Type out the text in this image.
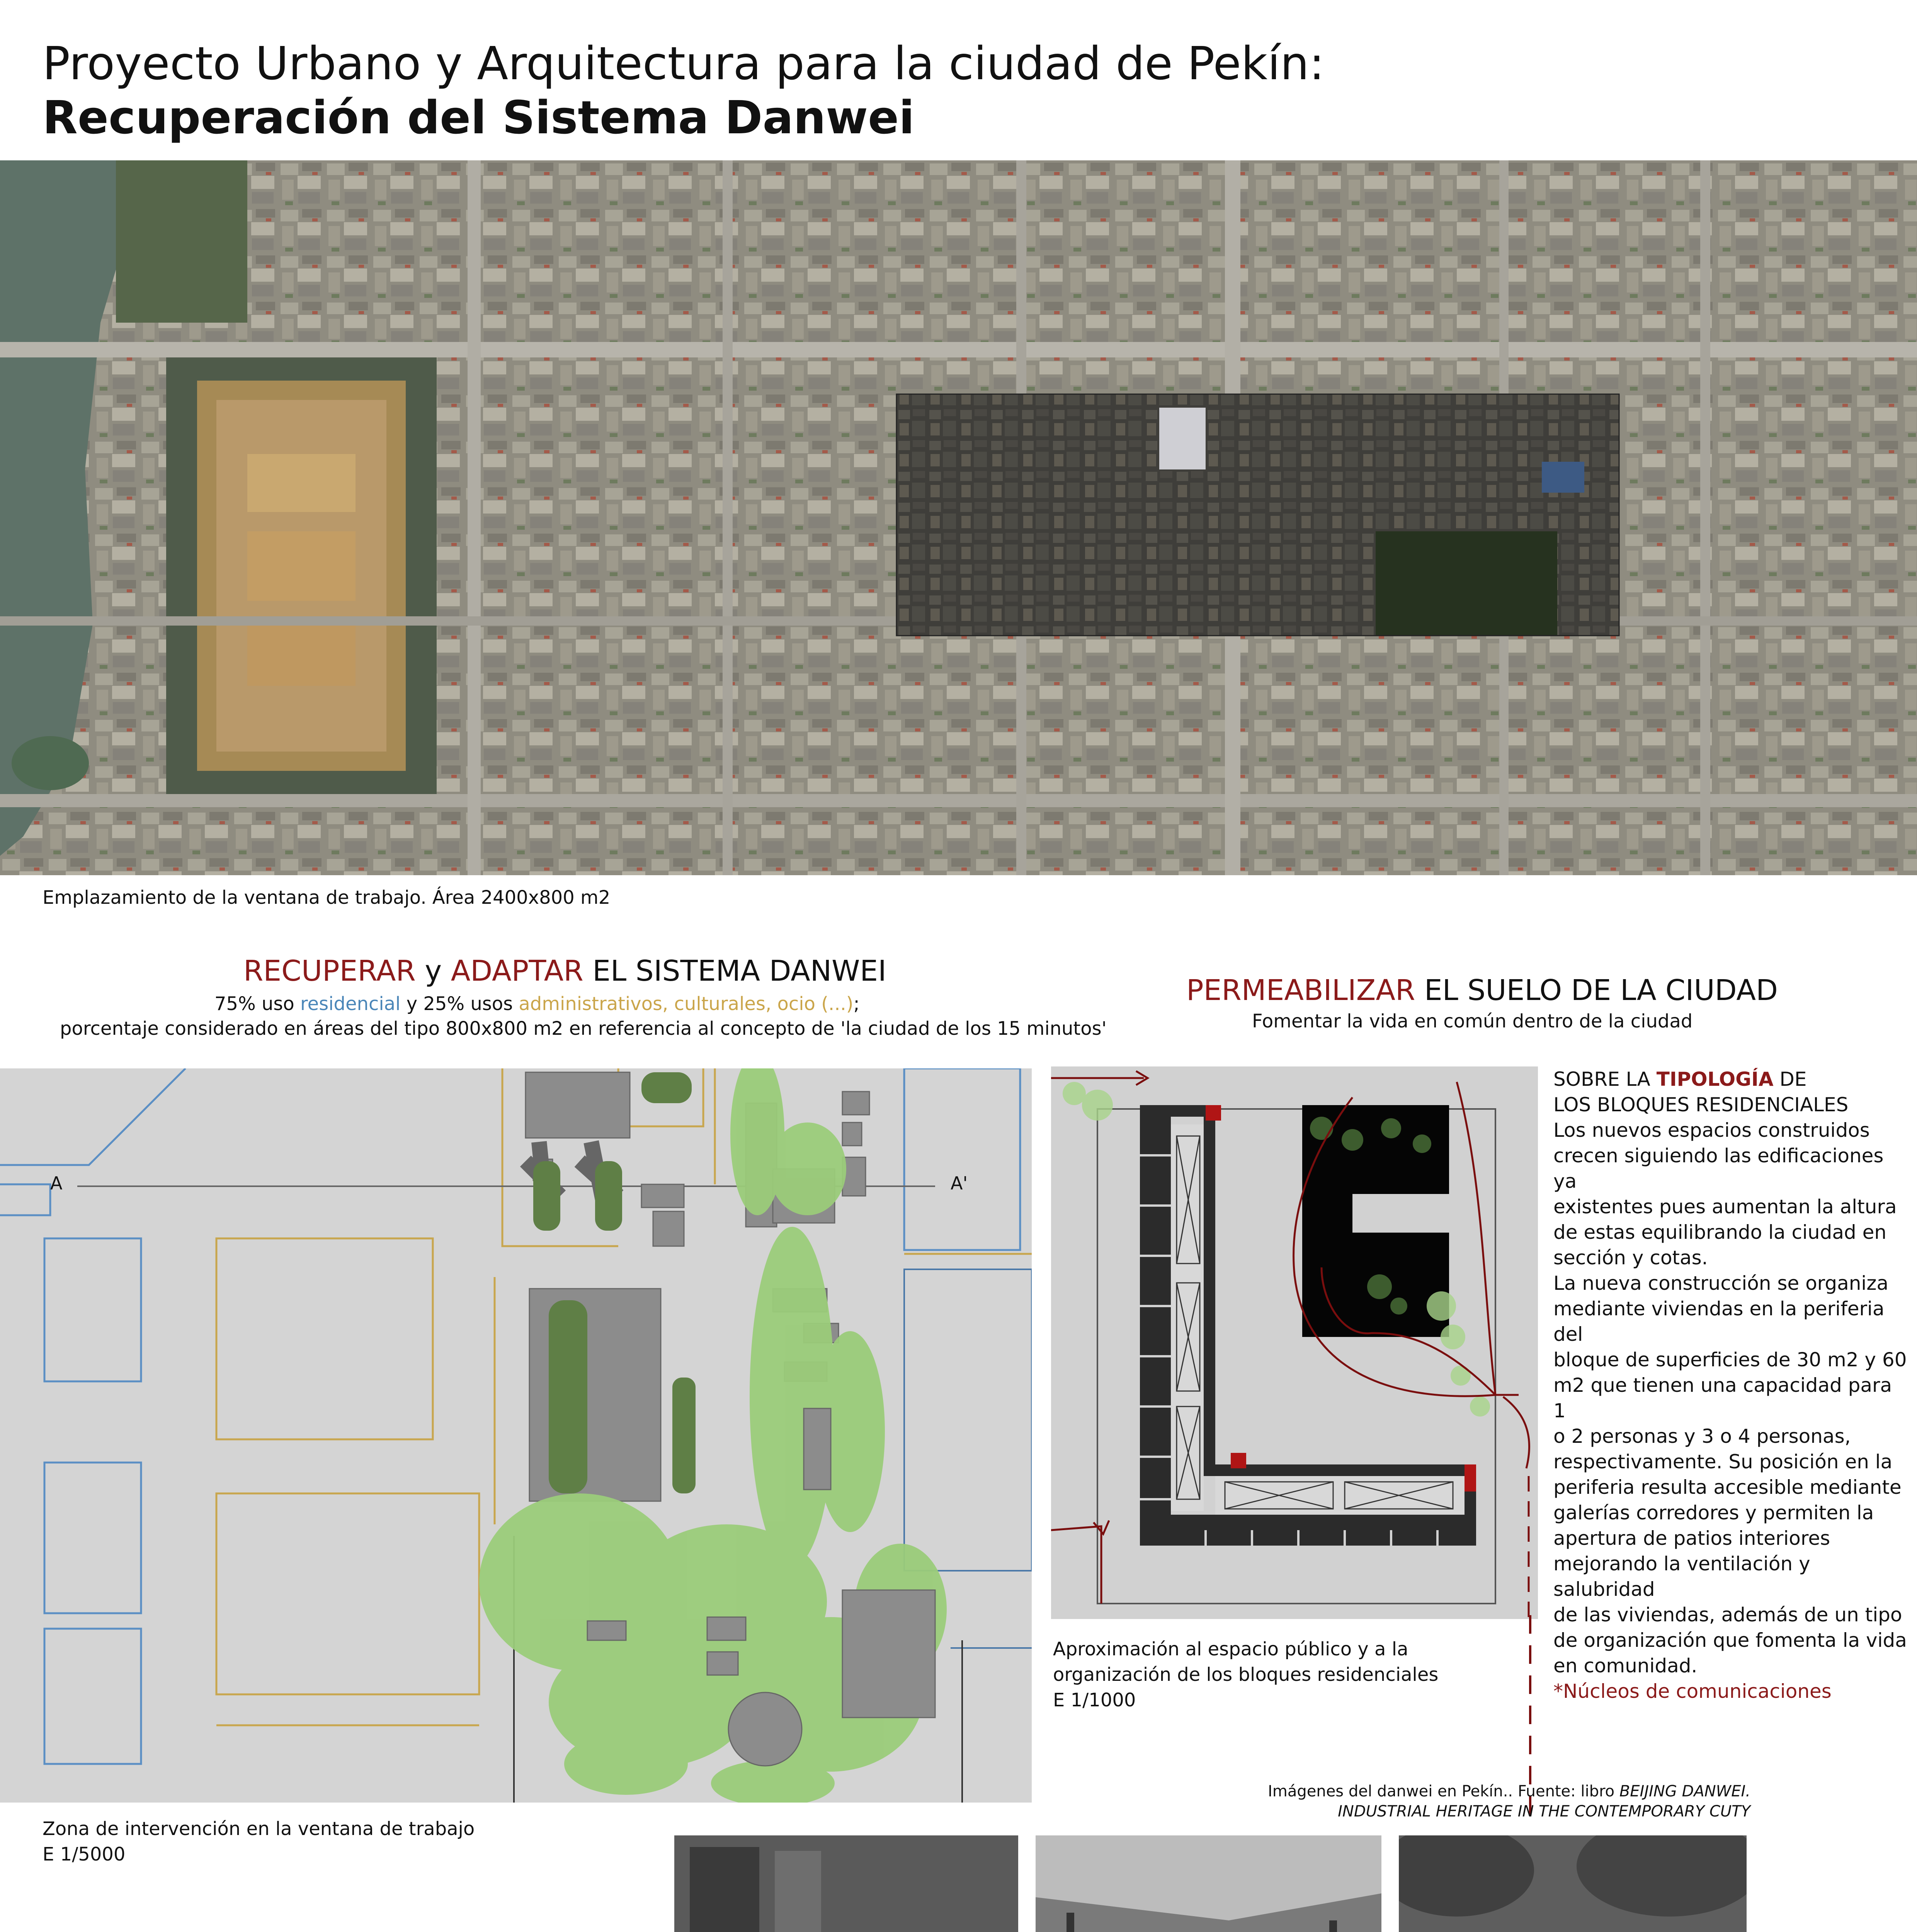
Proyecto Urbano y Arquitectura para la ciudad de Pekín:
Recuperación del Sistema Danwei
Emplazamiento de la ventana de trabajo. Área 2400x800 m2
RECUPERAR y ADAPTAR EL SISTEMA DANWEI
75% uso residencial y 25% usos administrativos, culturales, ocio (...);
porcentaje considerado en áreas del tipo 800x800 m2 en referencia al concepto de 'la ciudad de los 15 minutos'
A	A'
Zona de intervención en la ventana de trabajo
E 1/5000
PERMEABILIZAR EL SUELO DE LA CIUDAD
Fomentar la vida en común dentro de la ciudad
Aproximación al espacio público y a la
organización de los bloques residenciales
E 1/1000
SOBRE LA TIPOLOGÍA DE
LOS BLOQUES RESIDENCIALES
Los nuevos espacios construidos
crecen siguiendo las edificaciones ya
existentes pues aumentan la altura
de estas equilibrando la ciudad en
sección y cotas.
La nueva construcción se organiza
mediante viviendas en la periferia del
bloque de superficies de 30 m2 y 60
m2 que tienen una capacidad para 1
o 2 personas y 3 o 4 personas,
respectivamente. Su posición en la
periferia resulta accesible mediante
galerías corredores y permiten la
apertura de patios interiores
mejorando la ventilación y salubridad
de las viviendas, además de un tipo
de organización que fomenta la vida
en comunidad.
*Núcleos de comunicaciones
Imágenes del danwei en Pekín.. Fuente: libro BEIJING DANWEI.
INDUSTRIAL HERITAGE IN THE CONTEMPORARY CUTY
